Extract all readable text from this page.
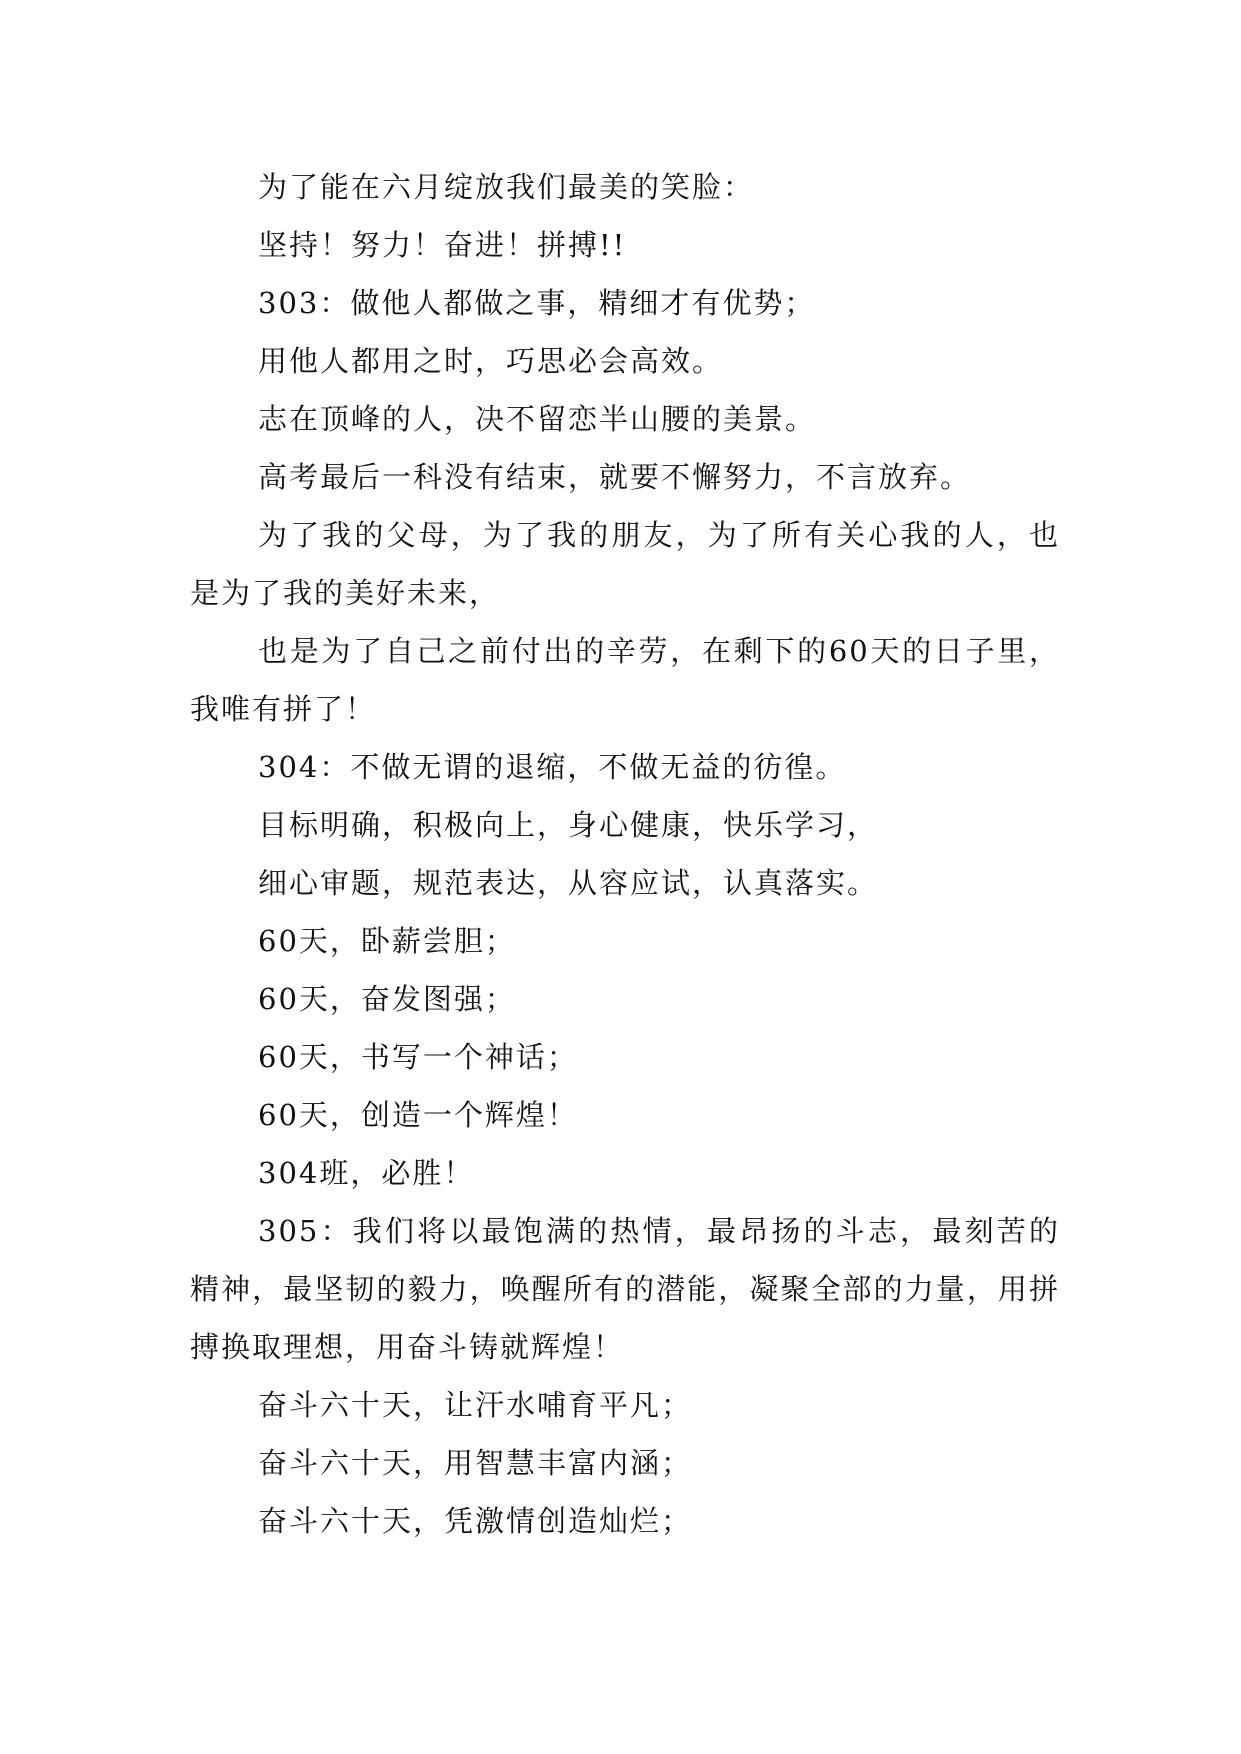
为了能在六月绽放我们最美的笑脸：

坚持！努力！奋进！拼搏!!

303：做他人都做之事，精细才有优势；

用他人都用之时，巧思必会高效。

志在顶峰的人，决不留恋半山腰的美景。

高考最后一科没有结束，就要不懈努力，不言放弃。

为了我的父母，为了我的朋友，为了所有关心我的人，也是为了我的美好未来，

也是为了自己之前付出的辛劳，在剩下的60天的日子里，我唯有拼了！

304：不做无谓的退缩，不做无益的彷徨。

目标明确，积极向上，身心健康，快乐学习，

细心审题，规范表达，从容应试，认真落实。

60天，卧薪尝胆；

60天，奋发图强；

60天，书写一个神话；

60天，创造一个辉煌！

304班，必胜！

305：我们将以最饱满的热情，最昂扬的斗志，最刻苦的精神，最坚韧的毅力，唤醒所有的潜能，凝聚全部的力量，用拼搏换取理想，用奋斗铸就辉煌！

奋斗六十天，让汗水哺育平凡；

奋斗六十天，用智慧丰富内涵；

奋斗六十天，凭激情创造灿烂；
